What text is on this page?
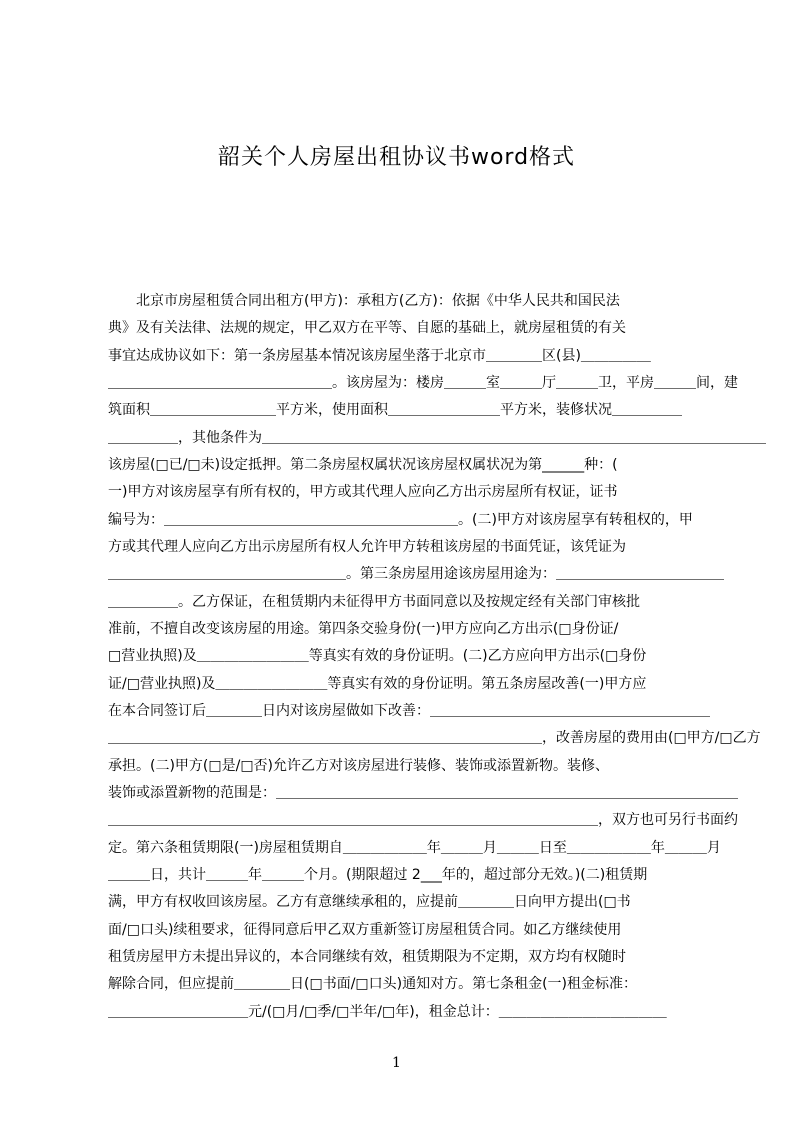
韶关个人房屋出租协议书word格式
　　北京市房屋租赁合同出租方(甲方)：承租方(乙方)：依据《中华人民共和国民法
典》及有关法律、法规的规定，甲乙双方在平等、自愿的基础上，就房屋租赁的有关
事宜达成协议如下：第一条房屋基本情况该房屋坐落于北京市＿＿＿＿区(县)＿＿＿＿＿
＿＿＿＿＿＿＿＿＿＿＿＿＿＿＿＿。该房屋为：楼房＿＿＿室＿＿＿厅＿＿＿卫，平房＿＿＿间，建
筑面积＿＿＿＿＿＿＿＿＿平方米，使用面积＿＿＿＿＿＿＿＿平方米，装修状况＿＿＿＿＿
＿＿＿＿＿，其他条件为＿＿＿＿＿＿＿＿＿＿＿＿＿＿＿＿＿＿＿＿＿＿＿＿＿＿＿＿＿＿＿＿＿＿＿＿
该房屋(□已/□未)设定抵押。第二条房屋权属状况该房屋权属状况为第______种：(
一)甲方对该房屋享有所有权的，甲方或其代理人应向乙方出示房屋所有权证，证书
编号为：＿＿＿＿＿＿＿＿＿＿＿＿＿＿＿＿＿＿＿＿＿。(二)甲方对该房屋享有转租权的，甲
方或其代理人应向乙方出示房屋所有权人允许甲方转租该房屋的书面凭证，该凭证为
＿＿＿＿＿＿＿＿＿＿＿＿＿＿＿＿＿。第三条房屋用途该房屋用途为：＿＿＿＿＿＿＿＿＿＿＿＿
＿＿＿＿＿。乙方保证，在租赁期内未征得甲方书面同意以及按规定经有关部门审核批
准前，不擅自改变该房屋的用途。第四条交验身份(一)甲方应向乙方出示(□身份证/
□营业执照)及＿＿＿＿＿＿＿＿等真实有效的身份证明。(二)乙方应向甲方出示(□身份
证/□营业执照)及＿＿＿＿＿＿＿＿等真实有效的身份证明。第五条房屋改善(一)甲方应
在本合同签订后＿＿＿＿日内对该房屋做如下改善：＿＿＿＿＿＿＿＿＿＿＿＿＿＿＿＿＿＿＿＿
＿＿＿＿＿＿＿＿＿＿＿＿＿＿＿＿＿＿＿＿＿＿＿＿＿＿＿＿＿＿＿，改善房屋的费用由(□甲方/□乙方
承担。(二)甲方(□是/□否)允许乙方对该房屋进行装修、装饰或添置新物。装修、
装饰或添置新物的范围是：＿＿＿＿＿＿＿＿＿＿＿＿＿＿＿＿＿＿＿＿＿＿＿＿＿＿＿＿＿＿＿＿＿
＿＿＿＿＿＿＿＿＿＿＿＿＿＿＿＿＿＿＿＿＿＿＿＿＿＿＿＿＿＿＿＿＿＿＿，双方也可另行书面约
定。第六条租赁期限(一)房屋租赁期自＿＿＿＿＿＿年＿＿＿月＿＿＿日至＿＿＿＿＿＿年＿＿＿月
＿＿＿日，共计＿＿＿年＿＿＿个月。(期限超过 2___年的，超过部分无效。)(二)租赁期
满，甲方有权收回该房屋。乙方有意继续承租的，应提前＿＿＿＿日向甲方提出(□书
面/□口头)续租要求，征得同意后甲乙双方重新签订房屋租赁合同。如乙方继续使用
租赁房屋甲方未提出异议的，本合同继续有效，租赁期限为不定期，双方均有权随时
解除合同，但应提前＿＿＿＿日(□书面/□口头)通知对方。第七条租金(一)租金标准：
＿＿＿＿＿＿＿＿＿＿元/(□月/□季/□半年/□年)，租金总计：＿＿＿＿＿＿＿＿＿＿＿＿
1
